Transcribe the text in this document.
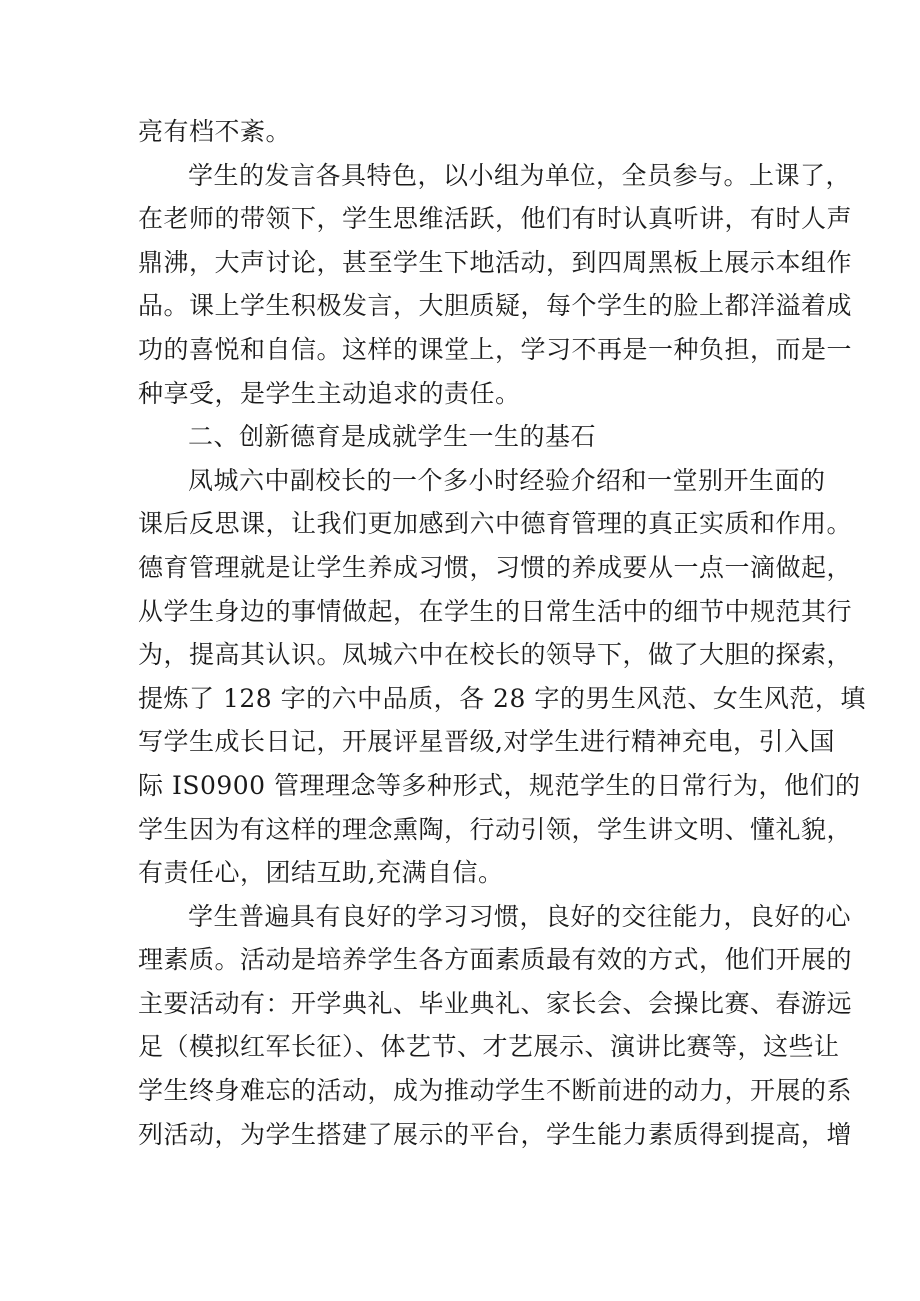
亮有档不紊。
学生的发言各具特色，以小组为单位，全员参与。上课了，
在老师的带领下，学生思维活跃，他们有时认真听讲，有时人声
鼎沸，大声讨论，甚至学生下地活动，到四周黑板上展示本组作
品。课上学生积极发言，大胆质疑，每个学生的脸上都洋溢着成
功的喜悦和自信。这样的课堂上，学习不再是一种负担，而是一
种享受，是学生主动追求的责任。
二、创新德育是成就学生一生的基石
凤城六中副校长的一个多小时经验介绍和一堂别开生面的
课后反思课，让我们更加感到六中德育管理的真正实质和作用。
德育管理就是让学生养成习惯，习惯的养成要从一点一滴做起，
从学生身边的事情做起，在学生的日常生活中的细节中规范其行
为，提高其认识。凤城六中在校长的领导下，做了大胆的探索，
提炼了 128 字的六中品质，各 28 字的男生风范、女生风范，填
写学生成长日记，开展评星晋级,对学生进行精神充电，引入国
际 IS0900 管理理念等多种形式，规范学生的日常行为，他们的
学生因为有这样的理念熏陶，行动引领，学生讲文明、懂礼貌，
有责任心，团结互助,充满自信。
学生普遍具有良好的学习习惯，良好的交往能力，良好的心
理素质。活动是培养学生各方面素质最有效的方式，他们开展的
主要活动有：开学典礼、毕业典礼、家长会、会操比赛、春游远
足（模拟红军长征）、体艺节、才艺展示、演讲比赛等，这些让
学生终身难忘的活动，成为推动学生不断前进的动力，开展的系
列活动，为学生搭建了展示的平台，学生能力素质得到提高，增
